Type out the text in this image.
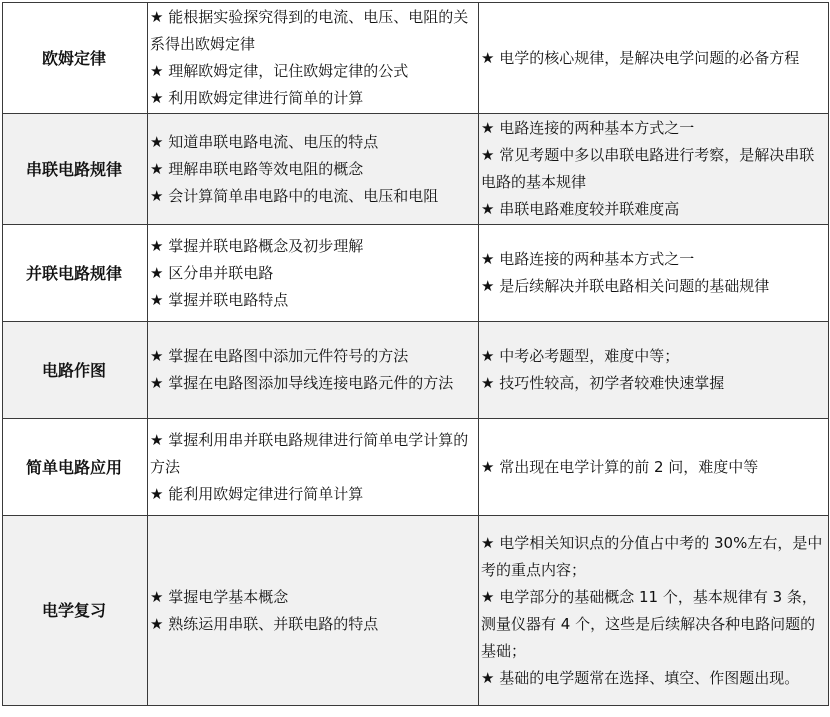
欧姆定律	★ 能根据实验探究得到的电流、电压、电阻的关系得出欧姆定律
★ 理解欧姆定律，记住欧姆定律的公式
★ 利用欧姆定律进行简单的计算	★ 电学的核心规律，是解决电学问题的必备方程

串联电路规律	★ 知道串联电路电流、电压的特点
★ 理解串联电路等效电阻的概念
★ 会计算简单串电路中的电流、电压和电阻	★ 电路连接的两种基本方式之一
★ 常见考题中多以串联电路进行考察，是解决串联电路的基本规律
★ 串联电路难度较并联难度高

并联电路规律	★ 掌握并联电路概念及初步理解
★ 区分串并联电路
★ 掌握并联电路特点	★ 电路连接的两种基本方式之一
★ 是后续解决并联电路相关问题的基础规律

电路作图	★ 掌握在电路图中添加元件符号的方法
★ 掌握在电路图添加导线连接电路元件的方法	★ 中考必考题型，难度中等；
★ 技巧性较高，初学者较难快速掌握

简单电路应用	★ 掌握利用串并联电路规律进行简单电学计算的方法
★ 能利用欧姆定律进行简单计算	★ 常出现在电学计算的前 2 问，难度中等

电学复习	★ 掌握电学基本概念
★ 熟练运用串联、并联电路的特点	★ 电学相关知识点的分值占中考的 30%左右，是中考的重点内容；
★ 电学部分的基础概念 11 个，基本规律有 3 条，测量仪器有 4 个，这些是后续解决各种电路问题的基础；
★ 基础的电学题常在选择、填空、作图题出现。
